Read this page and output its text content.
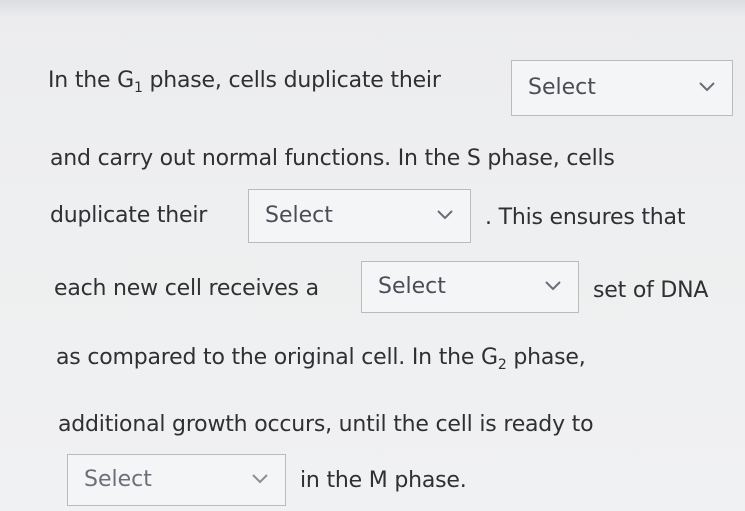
In the $G_1$ phase, cells duplicate their	Select
and carry out normal functions. In the S phase, cells
duplicate their	Select	. This ensures that
each new cell receives a	Select	set of DNA
as compared to the original cell. In the $G_2$ phase,
additional growth occurs, until the cell is ready to
Select	in the M phase.
